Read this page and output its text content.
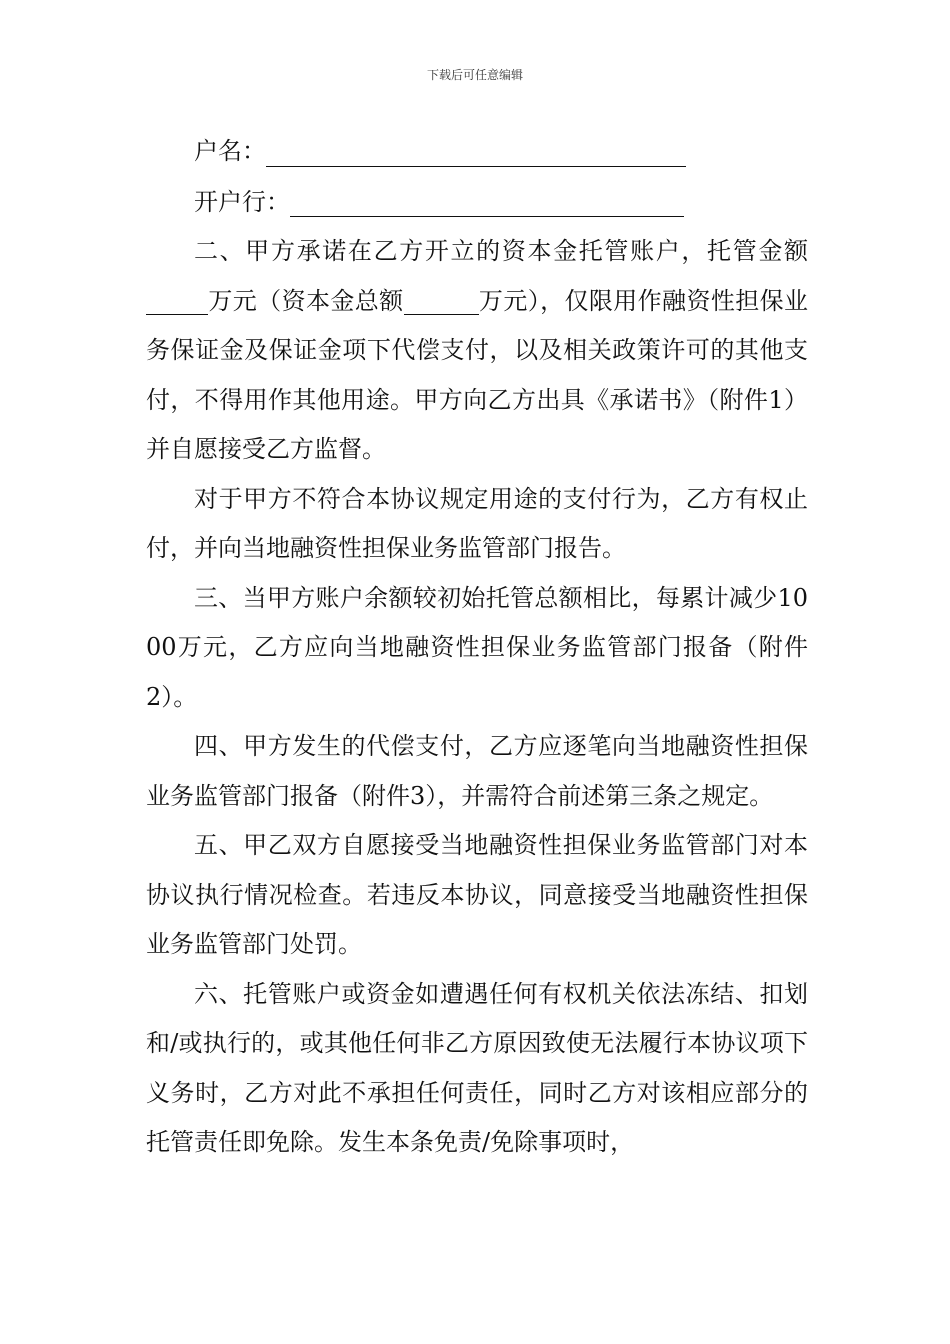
下载后可任意编辑
户名：
开户行：

二、甲方承诺在乙方开立的资本金托管账户，托管金额万元（资本金总额	万元），仅限用作融资性担保业务保证金及保证金项下代偿支付，以及相关政策许可的其他支付，不得用作其他用途。甲方向乙方出具《承诺书》（附件1）并自愿接受乙方监督。

对于甲方不符合本协议规定用途的支付行为，乙方有权止付，并向当地融资性担保业务监管部门报告。

三、当甲方账户余额较初始托管总额相比，每累计减少1000万元，乙方应向当地融资性担保业务监管部门报备（附件2）。

四、甲方发生的代偿支付，乙方应逐笔向当地融资性担保业务监管部门报备（附件3），并需符合前述第三条之规定。

五、甲乙双方自愿接受当地融资性担保业务监管部门对本协议执行情况检查。若违反本协议，同意接受当地融资性担保业务监管部门处罚。

六、托管账户或资金如遭遇任何有权机关依法冻结、扣划和/或执行的，或其他任何非乙方原因致使无法履行本协议项下义务时，乙方对此不承担任何责任，同时乙方对该相应部分的托管责任即免除。发生本条免责/免除事项时，
